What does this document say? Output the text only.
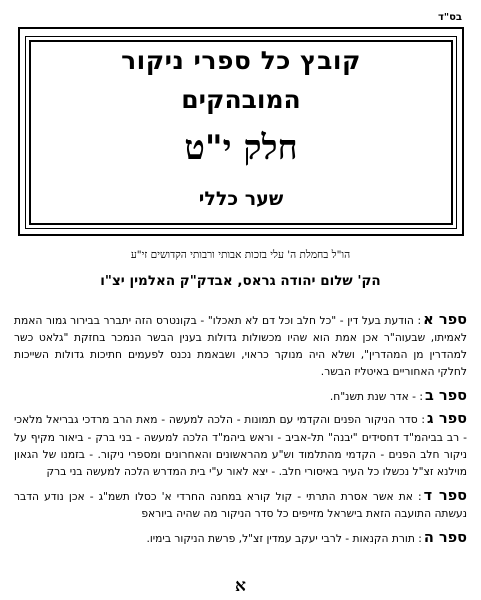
בס"ד
קובץ כל ספרי ניקור
המובהקים
חלק י"ט
שער כללי
הו"ל בחמלת ה' עלי בזכות אבותי ורבותי הקדושים זי"ע
הק' שלום יהודה גראס, אבדק"ק האלמין יצ"ו
ספר א: הודעת בעל דין - "כל חלב וכל דם לא תאכלו" - בקונטרס הזה יתברר בבירור גמור האמת לאמיתו, שבעוה"ר אכן אמת הוא שהיו מכשולות גדולות בענין הבשר הנמכר בחזקת "גלאט כשר למהדרין מן המהדרין", ושלא היה מנוקר כראוי, ושבאמת נכנס לפעמים חתיכות גדולות השייכות לחלקי האחוריים באיטליז הבשר.
ספר ב: - אדר שנת תשנ"ח.
ספר ג: סדר הניקור הפנים והקדמי עם תמונות - הלכה למעשה - מאת הרב מרדכי גבריאל מלאכי - רב בביהמ"ד דחסידים "יבנה" תל-אביב - וראש ביהמ"ד הלכה למעשה - בני ברק - ביאור מקיף על ניקור חלב הפנים - הקדמי מהתלמוד וש"ע מהראשונים והאחרונים ומספרי ניקור. - בזמנו של הגאון מוילנא זצ"ל נכשלו כל העיר באיסורי חלב. - יצא לאור ע"י בית המדרש הלכה למעשה בני ברק
ספר ד: את אשר אסרת התרתי - קול קורא במחנה החרדי א' כסלו תשמ"ג - אכן נודע הדבר נעשתה התועבה הזאת בישראל מזייפים כל סדר הניקור מה שהיה ביוראפ
ספר ה: תורת הקנאות - לרבי יעקב עמדין זצ"ל, פרשת הניקור בימיו.
א
